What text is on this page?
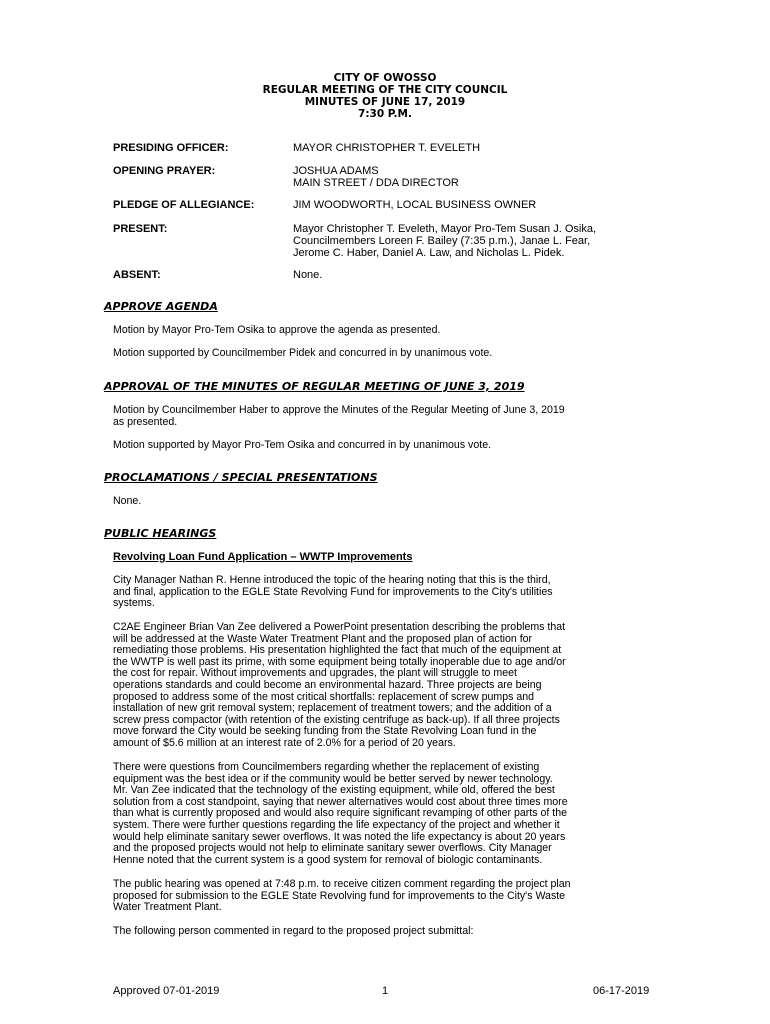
CITY OF OWOSSO
REGULAR MEETING OF THE CITY COUNCIL
MINUTES OF JUNE 17, 2019
7:30 P.M.
PRESIDING OFFICER:	MAYOR CHRISTOPHER T. EVELETH
OPENING PRAYER:	JOSHUA ADAMS
MAIN STREET / DDA DIRECTOR
PLEDGE OF ALLEGIANCE:	JIM WOODWORTH, LOCAL BUSINESS OWNER
PRESENT:	Mayor Christopher T. Eveleth, Mayor Pro-Tem Susan J. Osika,
Councilmembers Loreen F. Bailey (7:35 p.m.), Janae L. Fear,
Jerome C. Haber, Daniel A. Law, and Nicholas L. Pidek.
ABSENT:	None.
APPROVE AGENDA
Motion by Mayor Pro-Tem Osika to approve the agenda as presented.
Motion supported by Councilmember Pidek and concurred in by unanimous vote.
APPROVAL OF THE MINUTES OF REGULAR MEETING OF JUNE 3, 2019
Motion by Councilmember Haber to approve the Minutes of the Regular Meeting of June 3, 2019
as presented.
Motion supported by Mayor Pro-Tem Osika and concurred in by unanimous vote.
PROCLAMATIONS / SPECIAL PRESENTATIONS
None.
PUBLIC HEARINGS
Revolving Loan Fund Application – WWTP Improvements
City Manager Nathan R. Henne introduced the topic of the hearing noting that this is the third,
and final, application to the EGLE State Revolving Fund for improvements to the City's utilities
systems.
C2AE Engineer Brian Van Zee delivered a PowerPoint presentation describing the problems that
will be addressed at the Waste Water Treatment Plant and the proposed plan of action for
remediating those problems. His presentation highlighted the fact that much of the equipment at
the WWTP is well past its prime, with some equipment being totally inoperable due to age and/or
the cost for repair. Without improvements and upgrades, the plant will struggle to meet
operations standards and could become an environmental hazard. Three projects are being
proposed to address some of the most critical shortfalls: replacement of screw pumps and
installation of new grit removal system; replacement of treatment towers; and the addition of a
screw press compactor (with retention of the existing centrifuge as back-up). If all three projects
move forward the City would be seeking funding from the State Revolving Loan fund in the
amount of $5.6 million at an interest rate of 2.0% for a period of 20 years.
There were questions from Councilmembers regarding whether the replacement of existing
equipment was the best idea or if the community would be better served by newer technology.
Mr. Van Zee indicated that the technology of the existing equipment, while old, offered the best
solution from a cost standpoint, saying that newer alternatives would cost about three times more
than what is currently proposed and would also require significant revamping of other parts of the
system. There were further questions regarding the life expectancy of the project and whether it
would help eliminate sanitary sewer overflows. It was noted the life expectancy is about 20 years
and the proposed projects would not help to eliminate sanitary sewer overflows. City Manager
Henne noted that the current system is a good system for removal of biologic contaminants.
The public hearing was opened at 7:48 p.m. to receive citizen comment regarding the project plan
proposed for submission to the EGLE State Revolving fund for improvements to the City's Waste
Water Treatment Plant.
The following person commented in regard to the proposed project submittal:
Approved 07-01-2019	1	06-17-2019
